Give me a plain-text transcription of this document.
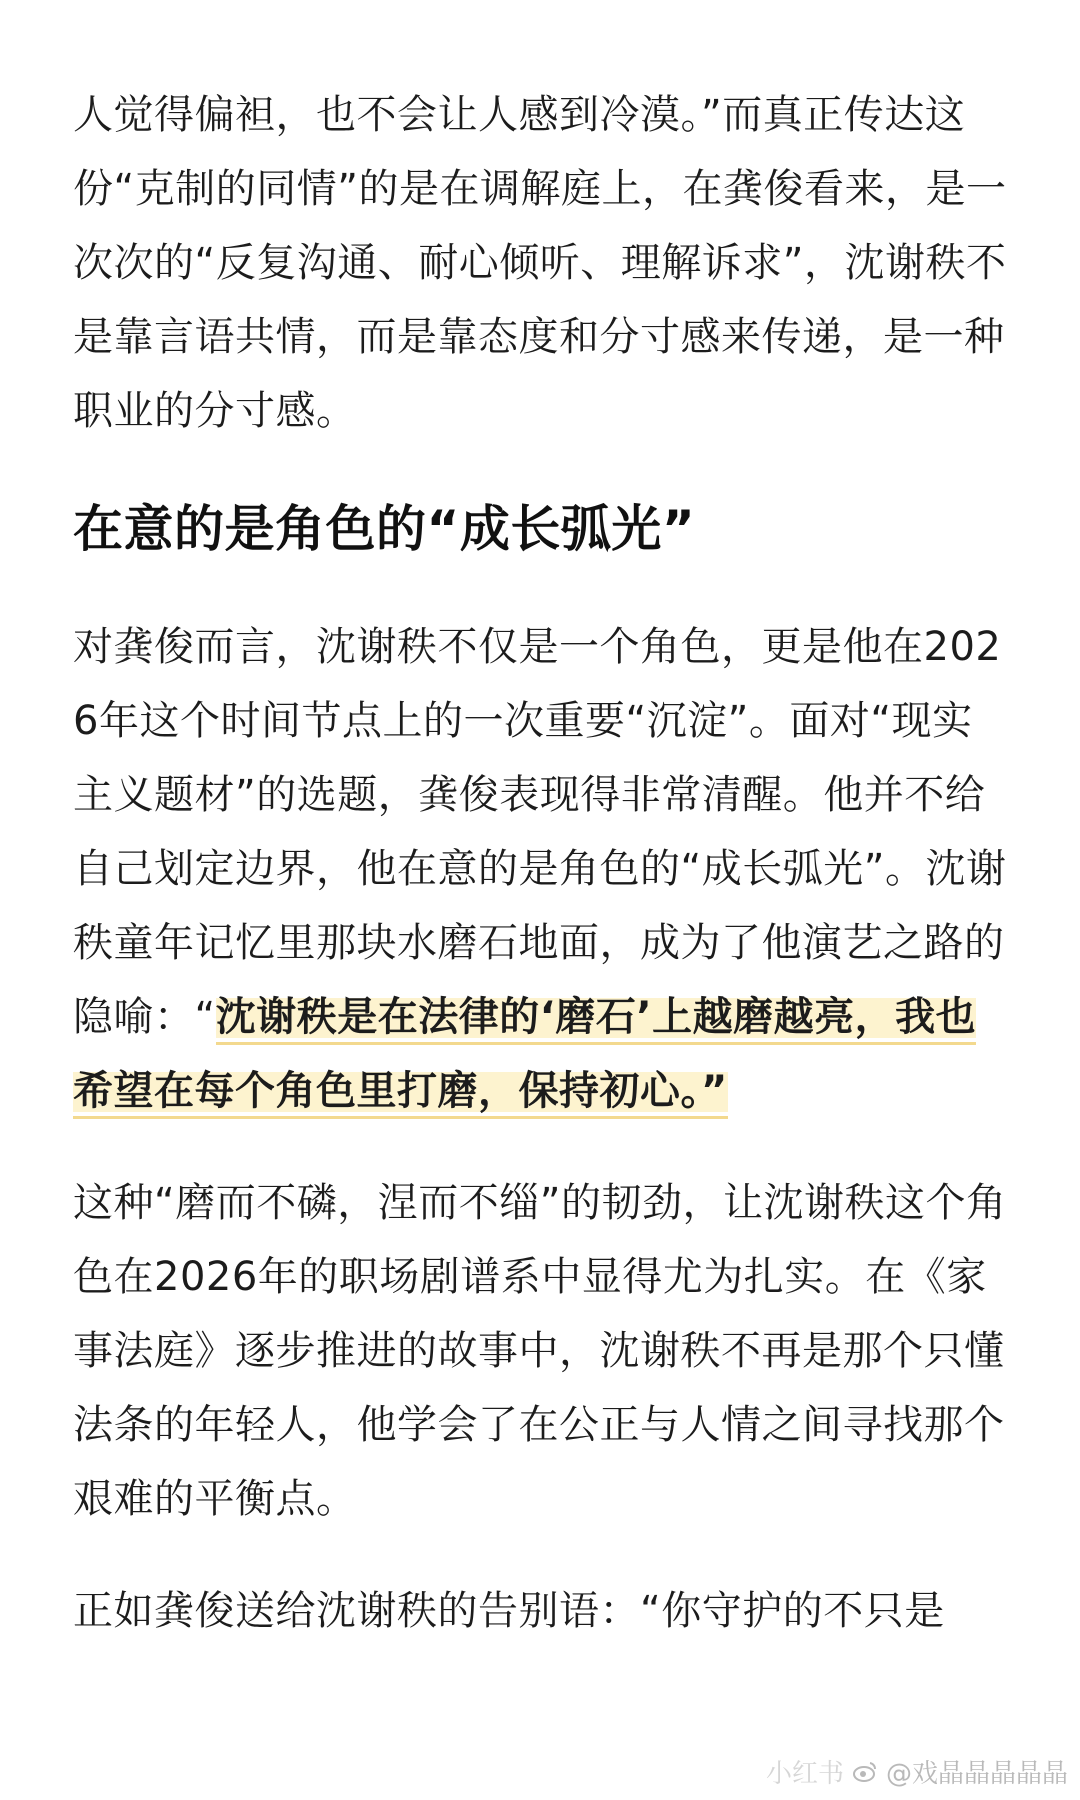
人觉得偏袒，也不会让人感到冷漠。”而真正传达这份“克制的同情”的是在调解庭上，在龚俊看来，是一次次的“反复沟通、耐心倾听、理解诉求”，沈谢秩不是靠言语共情，而是靠态度和分寸感来传递，是一种职业的分寸感。

在意的是角色的“成长弧光”

对龚俊而言，沈谢秩不仅是一个角色，更是他在2026年这个时间节点上的一次重要“沉淀”。面对“现实主义题材”的选题，龚俊表现得非常清醒。他并不给自己划定边界，他在意的是角色的“成长弧光”。沈谢秩童年记忆里那块水磨石地面，成为了他演艺之路的隐喻：“沈谢秩是在法律的‘磨石’上越磨越亮，我也希望在每个角色里打磨，保持初心。”

这种“磨而不磷，涅而不缁”的韧劲，让沈谢秩这个角色在2026年的职场剧谱系中显得尤为扎实。在《家事法庭》逐步推进的故事中，沈谢秩不再是那个只懂法条的年轻人，他学会了在公正与人情之间寻找那个艰难的平衡点。

正如龚俊送给沈谢秩的告别语：“你守护的不只是

小红书 @戏晶晶晶晶晶
